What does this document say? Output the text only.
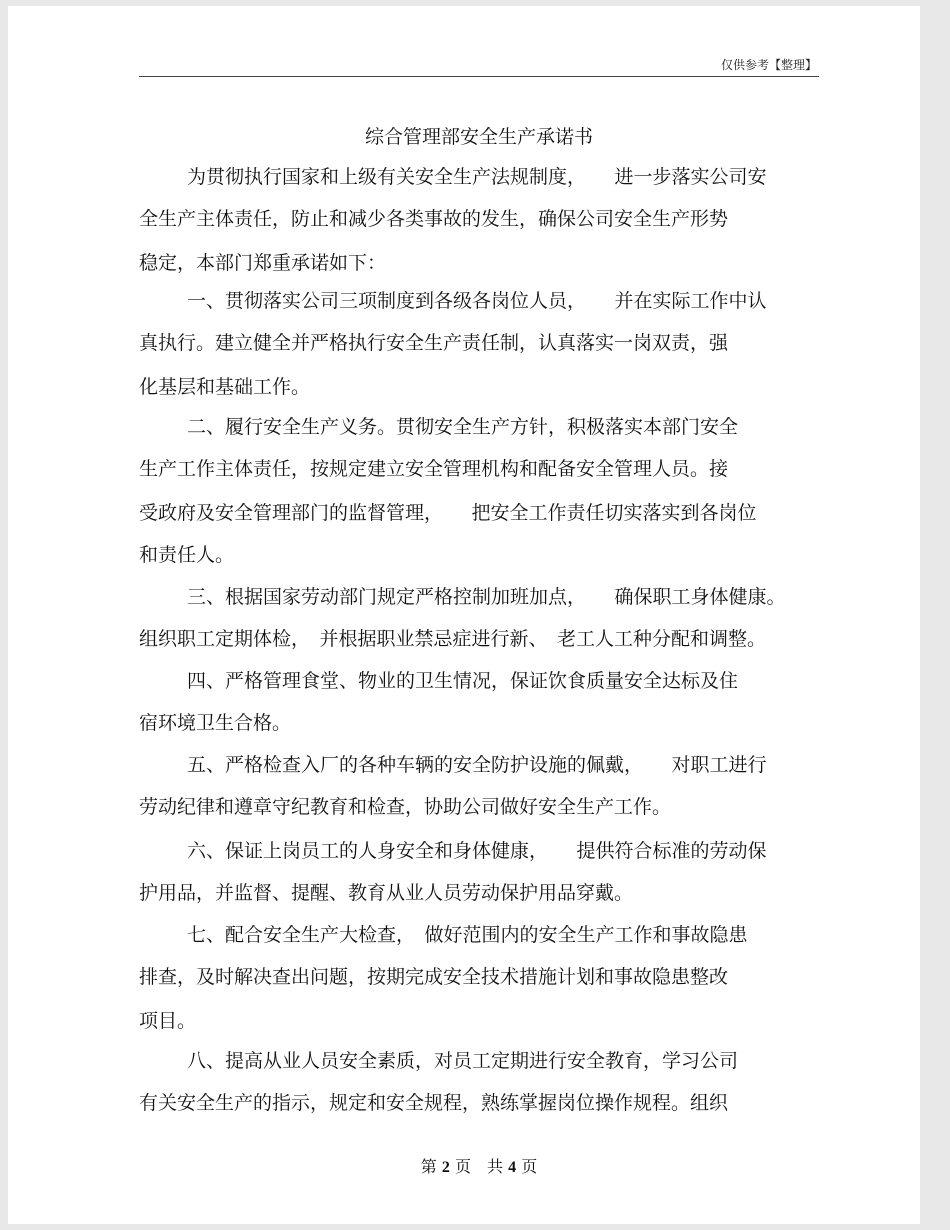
仅供参考【整理】
综合管理部安全生产承诺书
为贯彻执行国家和上级有关安全生产法规制度，　　进一步落实公司安
全生产主体责任，防止和减少各类事故的发生，确保公司安全生产形势
稳定，本部门郑重承诺如下：
一、贯彻落实公司三项制度到各级各岗位人员，　　并在实际工作中认
真执行。建立健全并严格执行安全生产责任制，认真落实一岗双责，强
化基层和基础工作。
二、履行安全生产义务。贯彻安全生产方针，积极落实本部门安全
生产工作主体责任，按规定建立安全管理机构和配备安全管理人员。接
受政府及安全管理部门的监督管理，　　把安全工作责任切实落实到各岗位
和责任人。
三、根据国家劳动部门规定严格控制加班加点，　　确保职工身体健康。
组织职工定期体检，　并根据职业禁忌症进行新、　老工人工种分配和调整。
四、严格管理食堂、物业的卫生情况，保证饮食质量安全达标及住
宿环境卫生合格。
五、严格检查入厂的各种车辆的安全防护设施的佩戴，　　对职工进行
劳动纪律和遵章守纪教育和检查，协助公司做好安全生产工作。
六、保证上岗员工的人身安全和身体健康，　　提供符合标准的劳动保
护用品，并监督、提醒、教育从业人员劳动保护用品穿戴。
七、配合安全生产大检查，　做好范围内的安全生产工作和事故隐患
排查，及时解决查出问题，按期完成安全技术措施计划和事故隐患整改
项目。
八、提高从业人员安全素质，对员工定期进行安全教育，学习公司
有关安全生产的指示，规定和安全规程，熟练掌握岗位操作规程。组织
第 2 页　共 4 页
